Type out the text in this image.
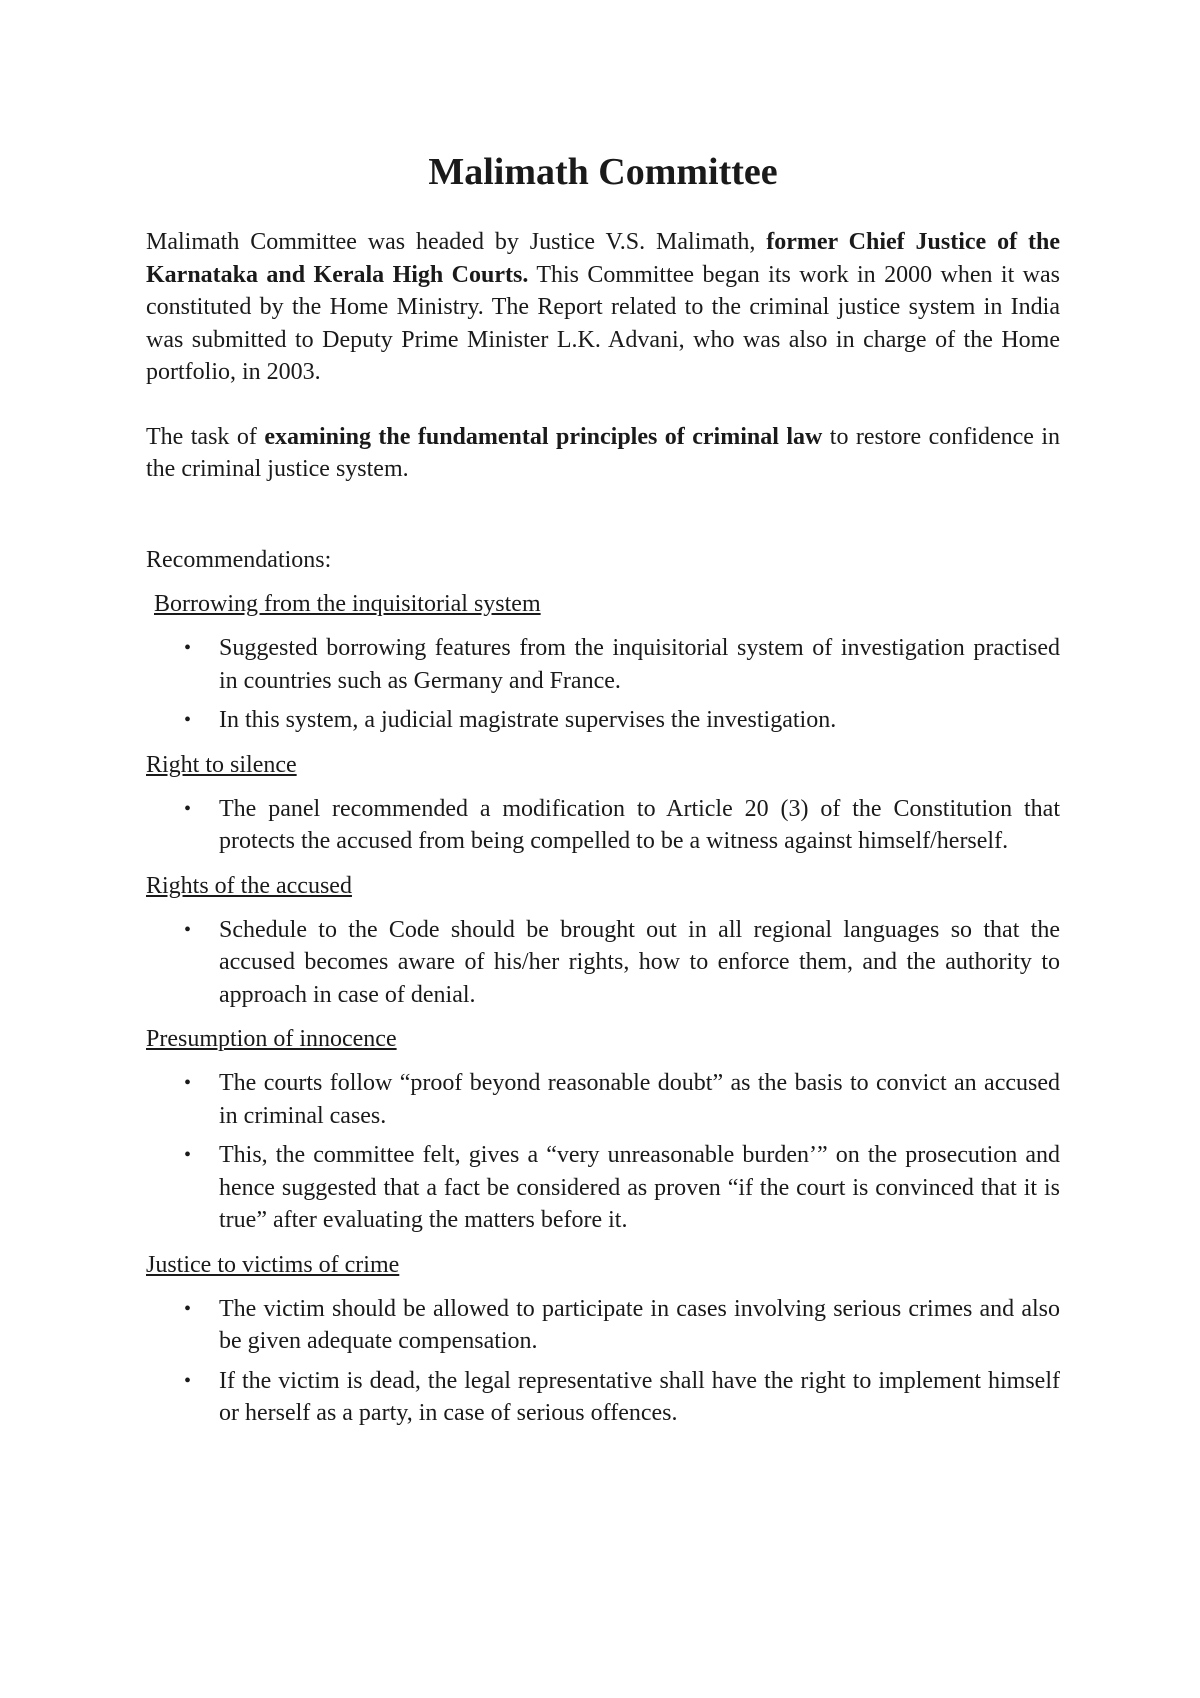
Malimath Committee

Malimath Committee was headed by Justice V.S. Malimath, former Chief Justice of the Karnataka and Kerala High Courts. This Committee began its work in 2000 when it was constituted by the Home Ministry. The Report related to the criminal justice system in India was submitted to Deputy Prime Minister L.K. Advani, who was also in charge of the Home portfolio, in 2003.

The task of examining the fundamental principles of criminal law to restore confidence in the criminal justice system.

Recommendations:

Borrowing from the inquisitorial system
• Suggested borrowing features from the inquisitorial system of investigation practised in countries such as Germany and France.
• In this system, a judicial magistrate supervises the investigation.
Right to silence
• The panel recommended a modification to Article 20 (3) of the Constitution that protects the accused from being compelled to be a witness against himself/herself.
Rights of the accused
• Schedule to the Code should be brought out in all regional languages so that the accused becomes aware of his/her rights, how to enforce them, and the authority to approach in case of denial.
Presumption of innocence
• The courts follow “proof beyond reasonable doubt” as the basis to convict an accused in criminal cases.
• This, the committee felt, gives a “very unreasonable burden’” on the prosecution and hence suggested that a fact be considered as proven “if the court is convinced that it is true” after evaluating the matters before it.
Justice to victims of crime
• The victim should be allowed to participate in cases involving serious crimes and also be given adequate compensation.
• If the victim is dead, the legal representative shall have the right to implement himself or herself as a party, in case of serious offences.
